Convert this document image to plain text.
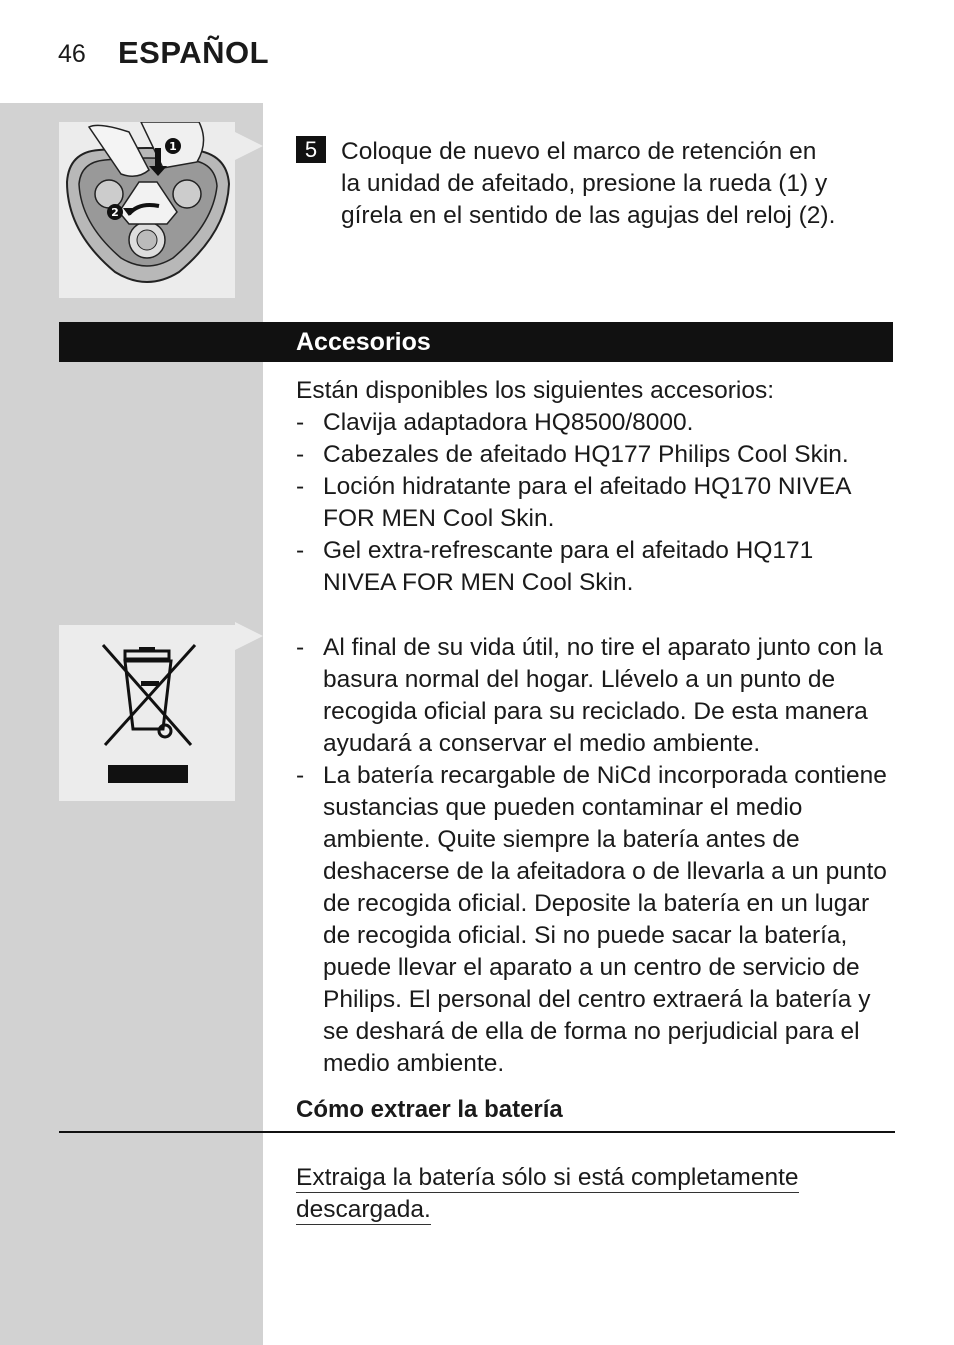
46 ESPAÑOL
1
2
5 Coloque de nuevo el marco de retención en
la unidad de afeitado, presione la rueda (1) y
gírela en el sentido de las agujas del reloj (2).
Accesorios
Están disponibles los siguientes accesorios:
- Clavija adaptadora HQ8500/8000.
- Cabezales de afeitado HQ177 Philips Cool Skin.
- Loción hidratante para el afeitado HQ170 NIVEA FOR MEN Cool Skin.
- Gel extra-refrescante para el afeitado HQ171 NIVEA FOR MEN Cool Skin.
- Al final de su vida útil, no tire el aparato junto con la basura normal del hogar. Llévelo a un punto de recogida oficial para su reciclado. De esta manera ayudará a conservar el medio ambiente.
- La batería recargable de NiCd incorporada contiene sustancias que pueden contaminar el medio ambiente. Quite siempre la batería antes de deshacerse de la afeitadora o de llevarla a un punto de recogida oficial. Deposite la batería en un lugar de recogida oficial. Si no puede sacar la batería, puede llevar el aparato a un centro de servicio de Philips. El personal del centro extraerá la batería y se deshará de ella de forma no perjudicial para el medio ambiente.
Cómo extraer la batería
Extraiga la batería sólo si está completamente
descargada.
